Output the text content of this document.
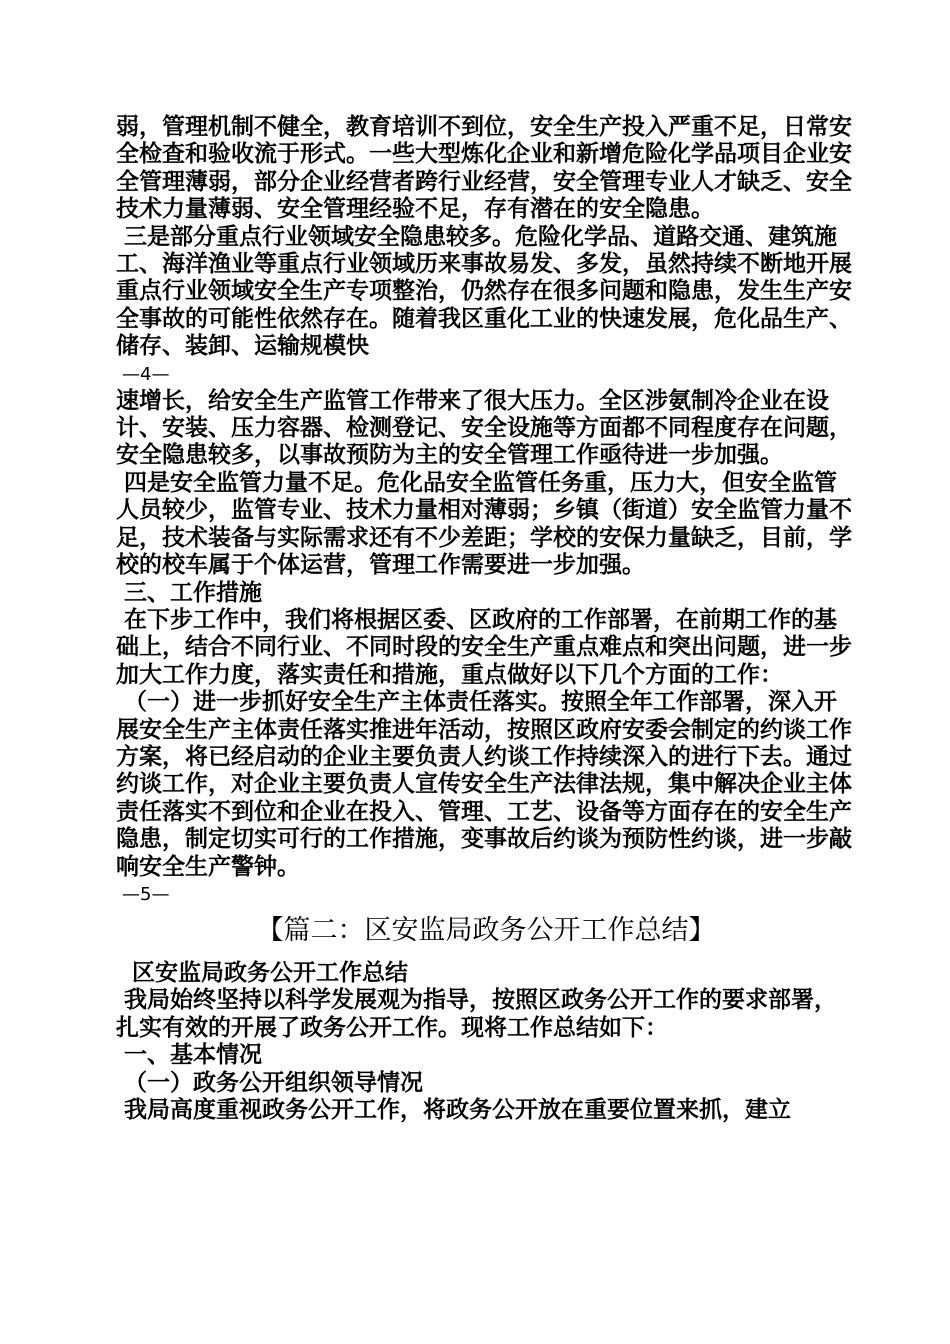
弱，管理机制不健全，教育培训不到位，安全生产投入严重不足，日常安全检查和验收流于形式。一些大型炼化企业和新增危险化学品项目企业安全管理薄弱，部分企业经营者跨行业经营，安全管理专业人才缺乏、安全技术力量薄弱、安全管理经验不足，存有潜在的安全隐患。

三是部分重点行业领域安全隐患较多。危险化学品、道路交通、建筑施工、海洋渔业等重点行业领域历来事故易发、多发，虽然持续不断地开展重点行业领域安全生产专项整治，仍然存在很多问题和隐患，发生生产安全事故的可能性依然存在。随着我区重化工业的快速发展，危化品生产、储存、装卸、运输规模快

—4—

速增长，给安全生产监管工作带来了很大压力。全区涉氨制冷企业在设计、安装、压力容器、检测登记、安全设施等方面都不同程度存在问题，安全隐患较多，以事故预防为主的安全管理工作亟待进一步加强。

四是安全监管力量不足。危化品安全监管任务重，压力大，但安全监管人员较少，监管专业、技术力量相对薄弱；乡镇（街道）安全监管力量不足，技术装备与实际需求还有不少差距；学校的安保力量缺乏，目前，学校的校车属于个体运营，管理工作需要进一步加强。

三、工作措施

在下步工作中，我们将根据区委、区政府的工作部署，在前期工作的基础上，结合不同行业、不同时段的安全生产重点难点和突出问题，进一步加大工作力度，落实责任和措施，重点做好以下几个方面的工作：

（一）进一步抓好安全生产主体责任落实。按照全年工作部署，深入开展安全生产主体责任落实推进年活动，按照区政府安委会制定的约谈工作方案，将已经启动的企业主要负责人约谈工作持续深入的进行下去。通过约谈工作，对企业主要负责人宣传安全生产法律法规，集中解决企业主体责任落实不到位和企业在投入、管理、工艺、设备等方面存在的安全生产隐患，制定切实可行的工作措施，变事故后约谈为预防性约谈，进一步敲响安全生产警钟。

—5—

【篇二：区安监局政务公开工作总结】

区安监局政务公开工作总结

我局始终坚持以科学发展观为指导，按照区政务公开工作的要求部署，扎实有效的开展了政务公开工作。现将工作总结如下：

一、基本情况

（一）政务公开组织领导情况

我局高度重视政务公开工作，将政务公开放在重要位置来抓，建立
